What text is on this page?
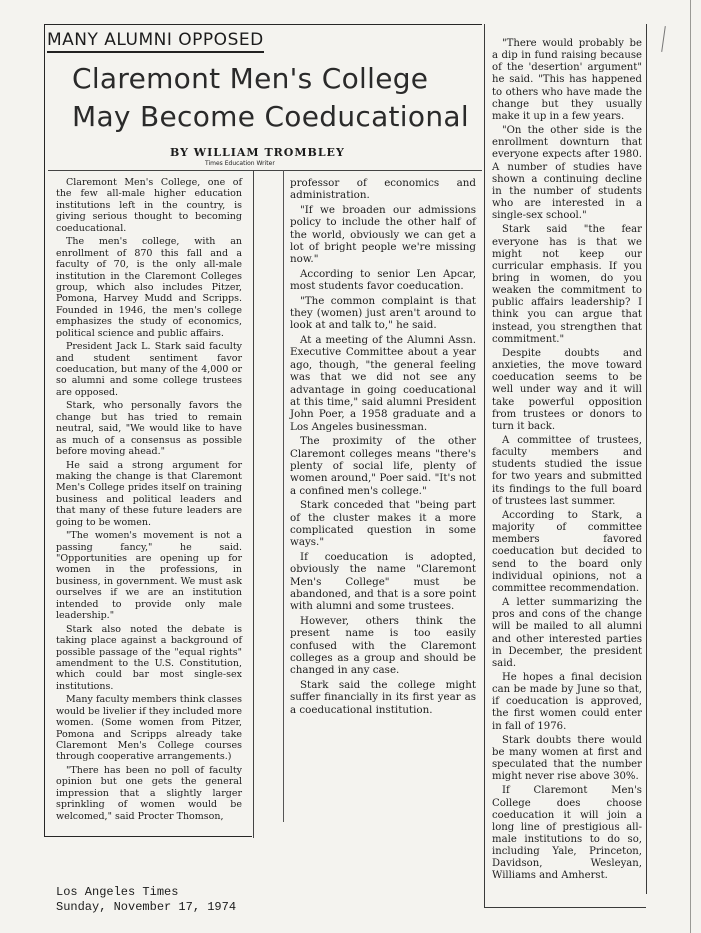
MANY ALUMNI OPPOSED
Claremont Men's College
May Become Coeducational
BY WILLIAM TROMBLEY
Times Education Writer

Claremont Men's College, one of the few all-male higher education institutions left in the country, is giving serious thought to becoming coeducational.

The men's college, with an enrollment of 870 this fall and a faculty of 70, is the only all-male institution in the Claremont Colleges group, which also includes Pitzer, Pomona, Harvey Mudd and Scripps. Founded in 1946, the men's college emphasizes the study of economics, political science and public affairs.

President Jack L. Stark said faculty and student sentiment favor coeducation, but many of the 4,000 or so alumni and some college trustees are opposed.

Stark, who personally favors the change but has tried to remain neutral, said, "We would like to have as much of a consensus as possible before moving ahead."

He said a strong argument for making the change is that Claremont Men's College prides itself on training business and political leaders and that many of these future leaders are going to be women.

"The women's movement is not a passing fancy," he said. "Opportunities are opening up for women in the professions, in business, in government. We must ask ourselves if we are an institution intended to provide only male leadership."

Stark also noted the debate is taking place against a background of possible passage of the "equal rights" amendment to the U.S. Constitution, which could bar most single-sex institutions.

Many faculty members think classes would be livelier if they included more women. (Some women from Pitzer, Pomona and Scripps already take Claremont Men's College courses through cooperative arrangements.)

"There has been no poll of faculty opinion but one gets the general impression that a slightly larger sprinkling of women would be welcomed," said Procter Thomson,

professor of economics and administration.

"If we broaden our admissions policy to include the other half of the world, obviously we can get a lot of bright people we're missing now."

According to senior Len Apcar, most students favor coeducation.

"The common complaint is that they (women) just aren't around to look at and talk to," he said.

At a meeting of the Alumni Assn. Executive Committee about a year ago, though, "the general feeling was that we did not see any advantage in going coeducational at this time," said alumni President John Poer, a 1958 graduate and a Los Angeles businessman.

The proximity of the other Claremont colleges means "there's plenty of social life, plenty of women around," Poer said. "It's not a confined men's college."

Stark conceded that "being part of the cluster makes it a more complicated question in some ways."

If coeducation is adopted, obviously the name "Claremont Men's College" must be abandoned, and that is a sore point with alumni and some trustees.

However, others think the present name is too easily confused with the Claremont colleges as a group and should be changed in any case.

Stark said the college might suffer financially in its first year as a coeducational institution.

"There would probably be a dip in fund raising because of the 'desertion' argument" he said. "This has happened to others who have made the change but they usually make it up in a few years.

"On the other side is the enrollment downturn that everyone expects after 1980. A number of studies have shown a continuing decline in the number of students who are interested in a single-sex school."

Stark said "the fear everyone has is that we might not keep our curricular emphasis. If you bring in women, do you weaken the commitment to public affairs leadership? I think you can argue that instead, you strengthen that commitment."

Despite doubts and anxieties, the move toward coeducation seems to be well under way and it will take powerful opposition from trustees or donors to turn it back.

A committee of trustees, faculty members and students studied the issue for two years and submitted its findings to the full board of trustees last summer.

According to Stark, a majority of committee members favored coeducation but decided to send to the board only individual opinions, not a committee recommendation.

A letter summarizing the pros and cons of the change will be mailed to all alumni and other interested parties in December, the president said.

He hopes a final decision can be made by June so that, if coeducation is approved, the first women could enter in fall of 1976.

Stark doubts there would be many women at first and speculated that the number might never rise above 30%.

If Claremont Men's College does choose coeducation it will join a long line of prestigious all-male institutions to do so, including Yale, Princeton, Davidson, Wesleyan, Williams and Amherst.

Los Angeles Times
Sunday, November 17, 1974
